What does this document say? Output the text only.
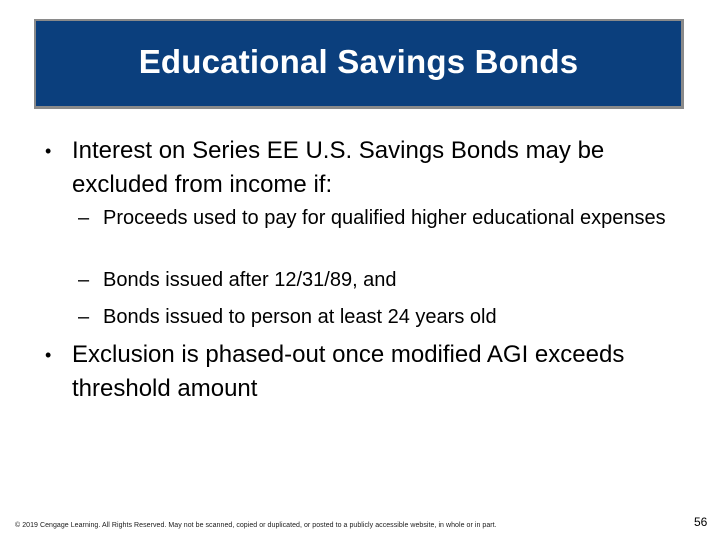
Educational Savings Bonds
• Interest on Series EE U.S. Savings Bonds may be excluded from income if:
– Proceeds used to pay for qualified higher educational expenses
– Bonds issued after 12/31/89, and
– Bonds issued to person at least 24 years old
• Exclusion is phased-out once modified AGI exceeds threshold amount
© 2019 Cengage Learning. All Rights Reserved. May not be scanned, copied or duplicated, or posted to a publicly accessible website, in whole or in part.	56
